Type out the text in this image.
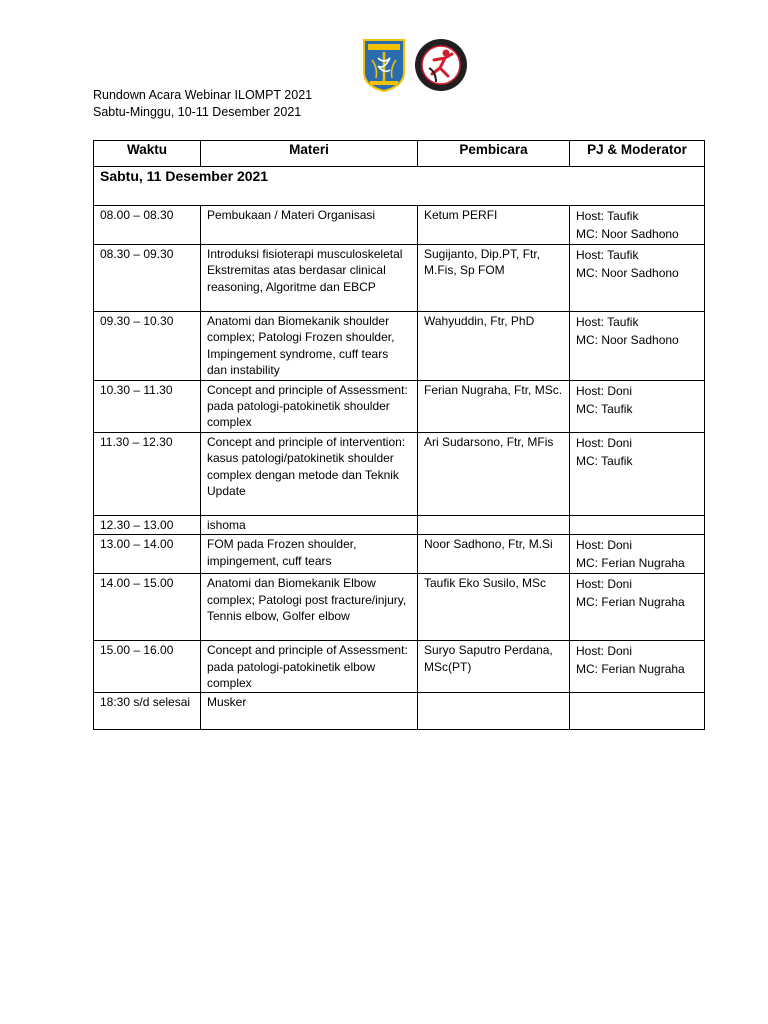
Rundown Acara Webinar ILOMPT 2021
Sabtu-Minggu, 10-11 Desember 2021
Waktu	Materi	Pembicara	PJ & Moderator
Sabtu, 11 Desember 2021			

08.00 – 08.30	Pembukaan / Materi Organisasi	Ketum PERFI	Host: Taufik
MC: Noor Sadhono

08.30 – 09.30	Introduksi fisioterapi musculoskeletal Ekstremitas atas berdasar clinical reasoning, Algoritme dan EBCP	Sugijanto, Dip.PT, Ftr, M.Fis, Sp FOM	Host: Taufik
MC: Noor Sadhono

09.30 – 10.30	Anatomi dan Biomekanik shoulder complex; Patologi Frozen shoulder, Impingement syndrome, cuff tears dan instability	Wahyuddin, Ftr, PhD	Host: Taufik
MC: Noor Sadhono

10.30 – 11.30	Concept and principle of Assessment: pada patologi-patokinetik shoulder complex	Ferian Nugraha, Ftr, MSc.	Host: Doni
MC: Taufik

11.30 – 12.30	Concept and principle of intervention: kasus patologi/patokinetik shoulder complex dengan metode dan Teknik Update	Ari Sudarsono, Ftr, MFis	Host: Doni
MC: Taufik

12.30 – 13.00	ishoma		

13.00 – 14.00	FOM pada Frozen shoulder, impingement, cuff tears	Noor Sadhono, Ftr, M.Si	Host: Doni
MC: Ferian Nugraha

14.00 – 15.00	Anatomi dan Biomekanik Elbow complex; Patologi post fracture/injury, Tennis elbow, Golfer elbow	Taufik Eko Susilo, MSc	Host: Doni
MC: Ferian Nugraha

15.00 – 16.00	Concept and principle of Assessment: pada patologi-patokinetik elbow complex	Suryo Saputro Perdana, MSc(PT)	Host: Doni
MC: Ferian Nugraha

18:30 s/d selesai	Musker		
